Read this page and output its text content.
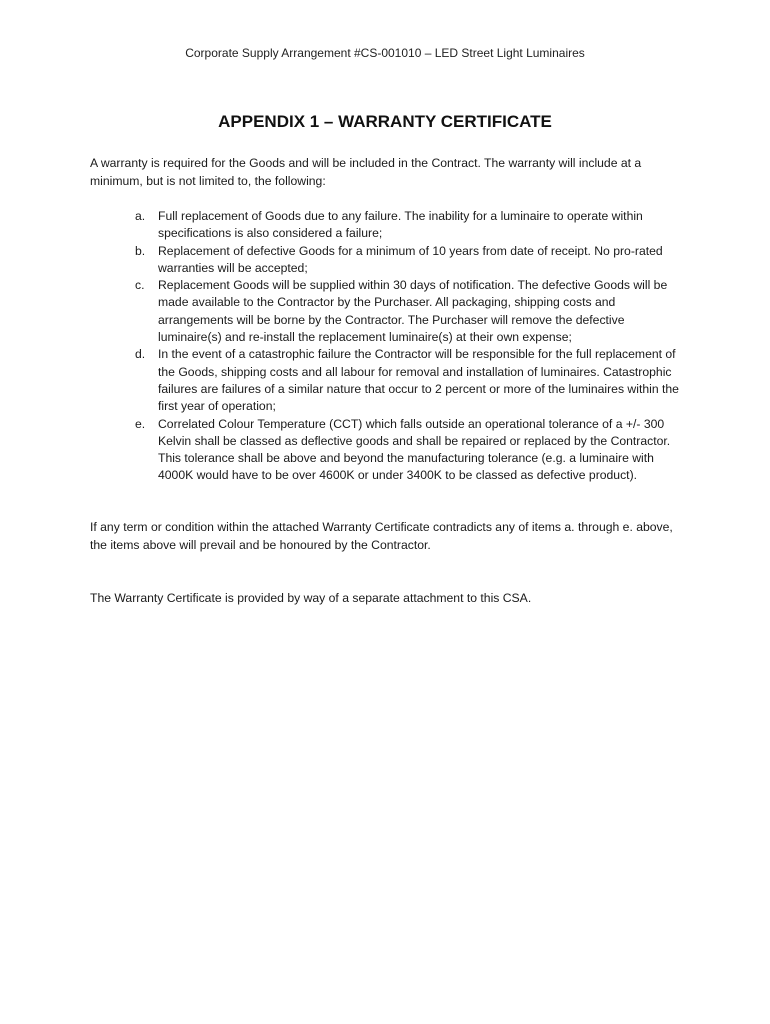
Corporate Supply Arrangement #CS-001010 – LED Street Light Luminaires
APPENDIX 1 – WARRANTY CERTIFICATE

A warranty is required for the Goods and will be included in the Contract. The warranty will include at a minimum, but is not limited to, the following:

a. Full replacement of Goods due to any failure. The inability for a luminaire to operate within specifications is also considered a failure;
b. Replacement of defective Goods for a minimum of 10 years from date of receipt. No pro-rated warranties will be accepted;
c. Replacement Goods will be supplied within 30 days of notification. The defective Goods will be made available to the Contractor by the Purchaser. All packaging, shipping costs and arrangements will be borne by the Contractor. The Purchaser will remove the defective luminaire(s) and re-install the replacement luminaire(s) at their own expense;
d. In the event of a catastrophic failure the Contractor will be responsible for the full replacement of the Goods, shipping costs and all labour for removal and installation of luminaires. Catastrophic failures are failures of a similar nature that occur to 2 percent or more of the luminaires within the first year of operation;
e. Correlated Colour Temperature (CCT) which falls outside an operational tolerance of a +/- 300 Kelvin shall be classed as deflective goods and shall be repaired or replaced by the Contractor. This tolerance shall be above and beyond the manufacturing tolerance (e.g. a luminaire with 4000K would have to be over 4600K or under 3400K to be classed as defective product).

If any term or condition within the attached Warranty Certificate contradicts any of items a. through e. above, the items above will prevail and be honoured by the Contractor.

The Warranty Certificate is provided by way of a separate attachment to this CSA.
